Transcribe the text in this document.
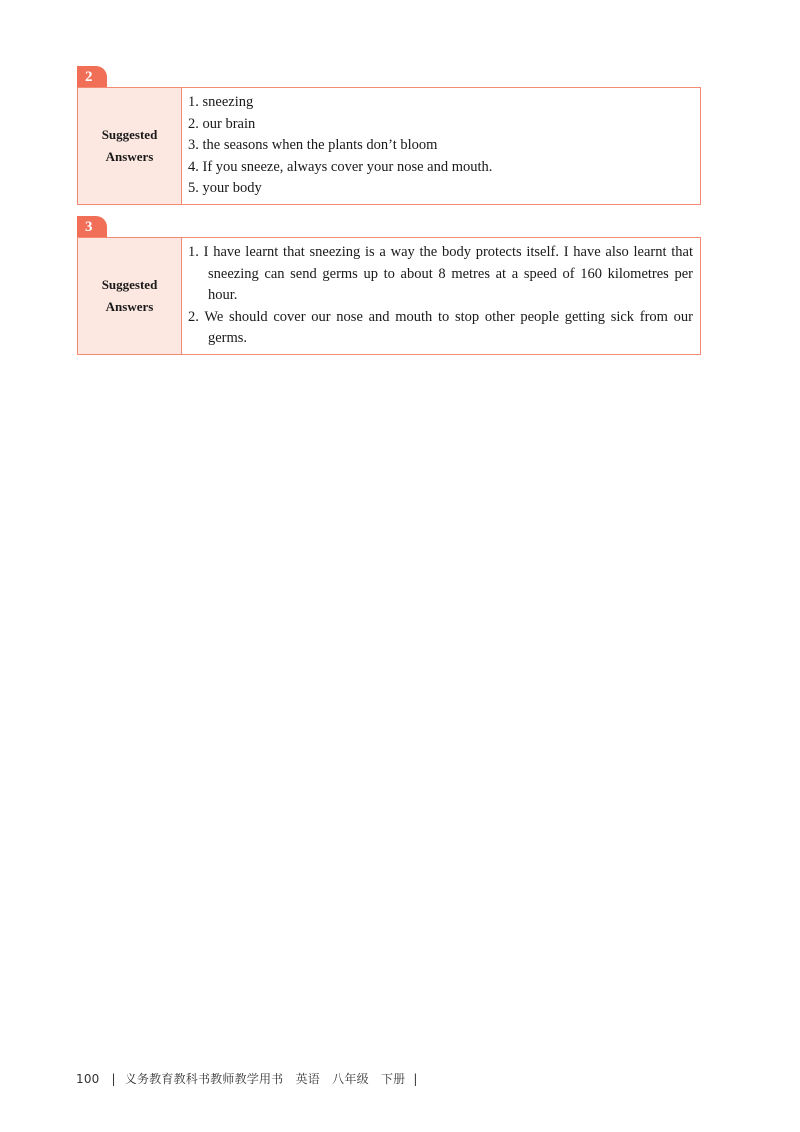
2
Suggested
Answers
1. sneezing
2. our brain
3. the seasons when the plants don’t bloom
4. If you sneeze, always cover your nose and mouth.
5. your body
3
Suggested
Answers
1. I have learnt that sneezing is a way the body protects itself. I have also learnt that sneezing can send germs up to about 8 metres at a speed of 160 kilometres per hour.
2. We should cover our nose and mouth to stop other people getting sick from our germs.
100 | 义务教育教科书教师教学用书　英语　八年级　下册 |
